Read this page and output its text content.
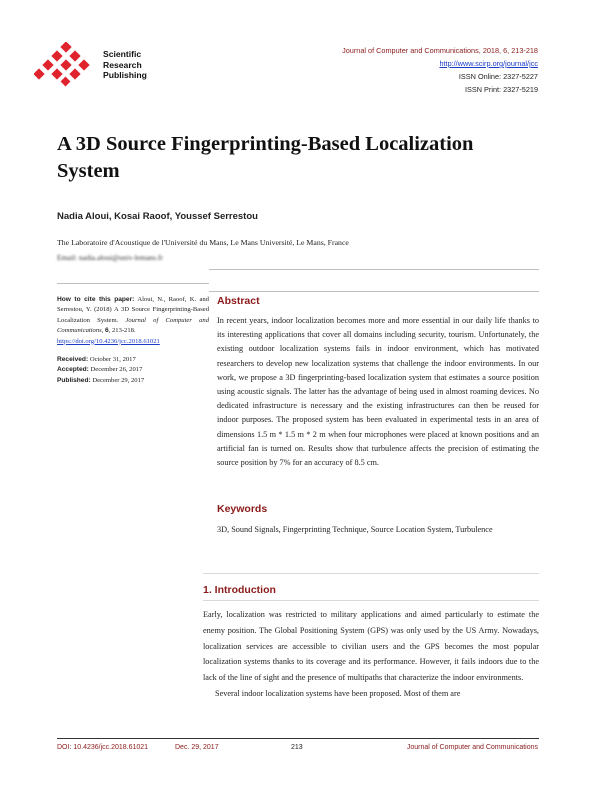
Scientific
Research
Publishing
Journal of Computer and Communications, 2018, 6, 213-218
http://www.scirp.org/journal/jcc
ISSN Online: 2327-5227
ISSN Print: 2327-5219
A 3D Source Fingerprinting-Based Localization System
Nadia Aloui, Kosai Raoof, Youssef Serrestou
The Laboratoire d'Acoustique de l'Université du Mans, Le Mans Université, Le Mans, France
Email: nadia.aloui@univ-lemans.fr
How to cite this paper: Aloui, N., Raoof, K. and Serrestou, Y. (2018) A 3D Source Fingerprinting-Based Localization System. Journal of Computer and Communications, 6, 213-218.
https://doi.org/10.4236/jcc.2018.61021
Received: October 31, 2017
Accepted: December 26, 2017
Published: December 29, 2017
Abstract
In recent years, indoor localization becomes more and more essential in our daily life thanks to its interesting applications that cover all domains including security, tourism. Unfortunately, the existing outdoor localization systems fails in indoor environment, which has motivated researchers to develop new localization systems that challenge the indoor environments. In our work, we propose a 3D fingerprinting-based localization system that estimates a source position using acoustic signals. The latter has the advantage of being used in almost roaming devices. No dedicated infrastructure is necessary and the existing infrastructures can then be reused for indoor purposes. The proposed system has been evaluated in experimental tests in an area of dimensions 1.5 m * 1.5 m * 2 m when four microphones were placed at known positions and an artificial fan is turned on. Results show that turbulence affects the precision of estimating the source position by 7% for an accuracy of 8.5 cm.
Keywords
3D, Sound Signals, Fingerprinting Technique, Source Location System, Turbulence
1. Introduction

Early, localization was restricted to military applications and aimed particularly to estimate the enemy position. The Global Positioning System (GPS) was only used by the US Army. Nowadays, localization services are accessible to civilian users and the GPS becomes the most popular localization systems thanks to its coverage and its performance. However, it fails indoors due to the lack of the line of sight and the presence of multipaths that characterize the indoor environments.

Several indoor localization systems have been proposed. Most of them are

DOI: 10.4236/jcc.2018.61021	Dec. 29, 2017	213	Journal of Computer and Communications
